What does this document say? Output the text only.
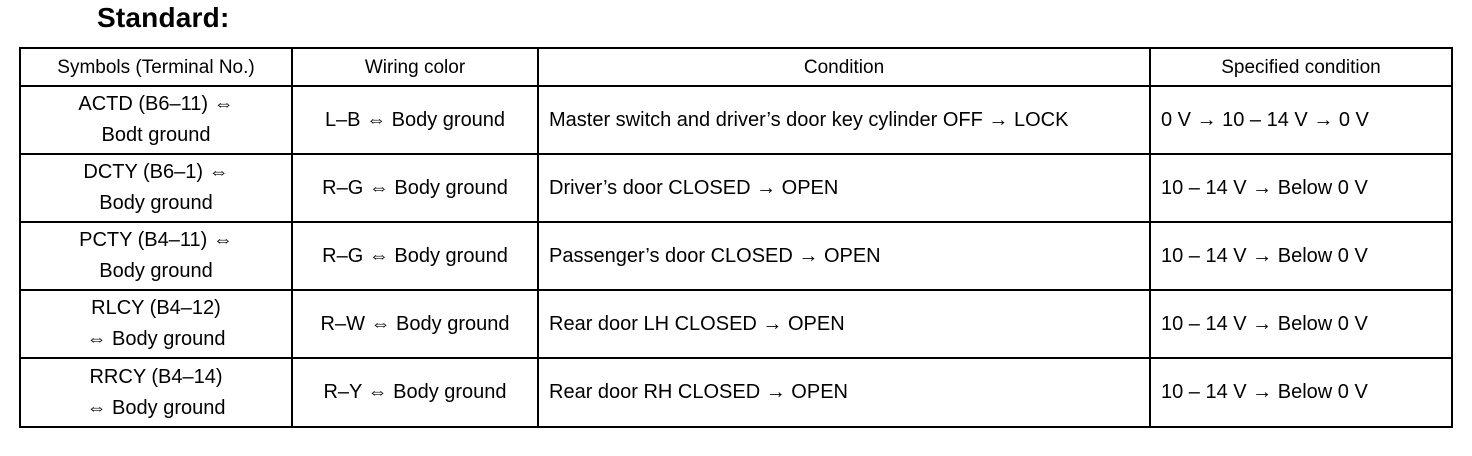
Standard:
Symbols (Terminal No.)	Wiring color	Condition	Specified condition

ACTD (B6–11) ⇔
Bodt ground	L–B ⇔ Body ground	Master switch and driver’s door key cylinder OFF → LOCK	0 V → 10 – 14 V → 0 V

DCTY (B6–1) ⇔
Body ground	R–G ⇔ Body ground	Driver’s door CLOSED → OPEN	10 – 14 V → Below 0 V

PCTY (B4–11) ⇔
Body ground	R–G ⇔ Body ground	Passenger’s door CLOSED → OPEN	10 – 14 V → Below 0 V

RLCY (B4–12)
⇔ Body ground	R–W ⇔ Body ground	Rear door LH CLOSED → OPEN	10 – 14 V → Below 0 V

RRCY (B4–14)
⇔ Body ground	R–Y ⇔ Body ground	Rear door RH CLOSED → OPEN	10 – 14 V → Below 0 V
